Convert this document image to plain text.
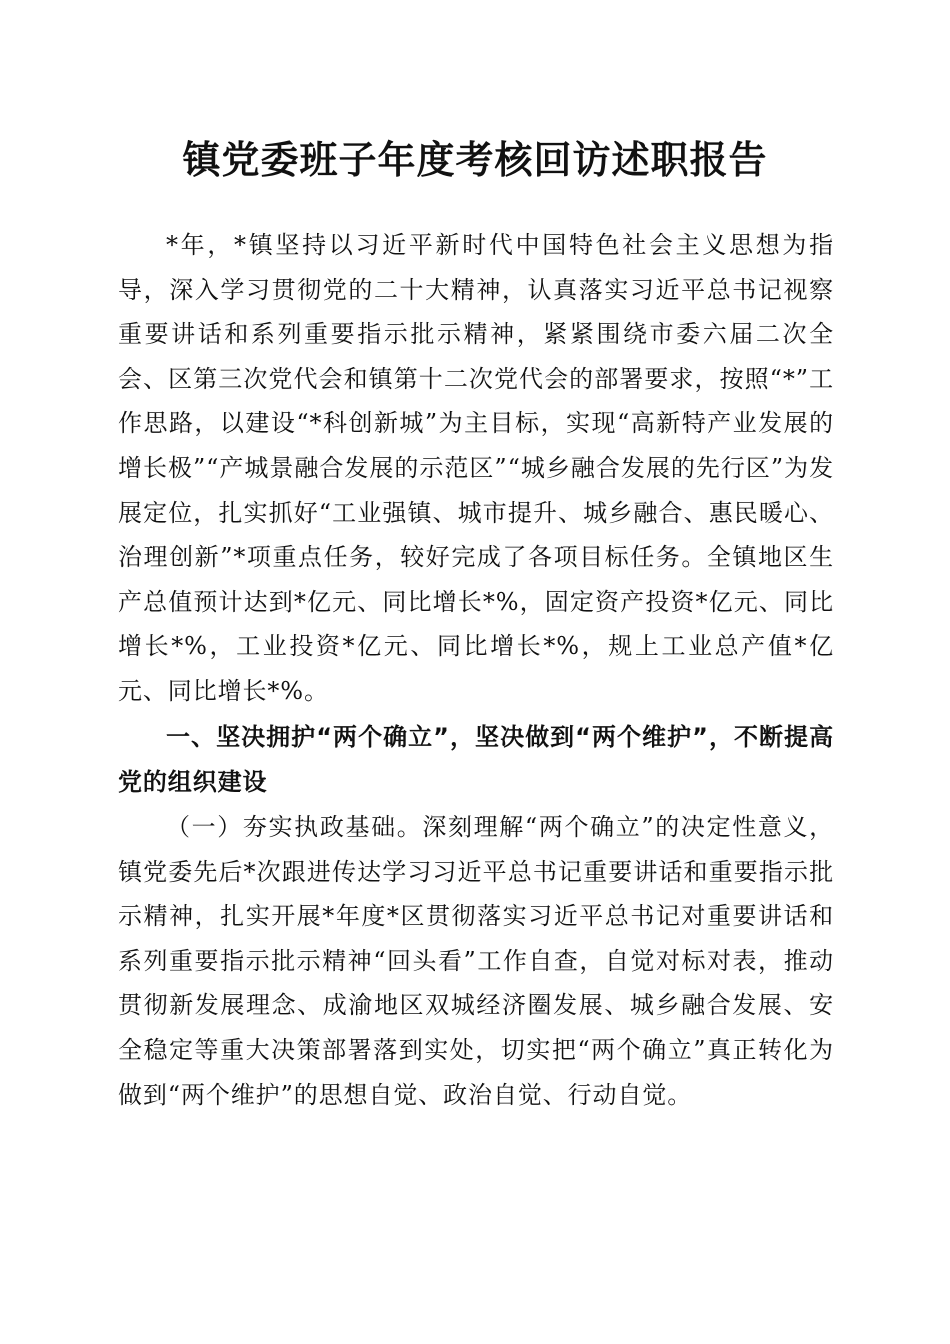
镇党委班子年度考核回访述职报告

*年，*镇坚持以习近平新时代中国特色社会主义思想为指导，深入学习贯彻党的二十大精神，认真落实习近平总书记视察重要讲话和系列重要指示批示精神，紧紧围绕市委六届二次全会、区第三次党代会和镇第十二次党代会的部署要求，按照“*”工作思路，以建设“*科创新城”为主目标，实现“高新特产业发展的增长极”“产城景融合发展的示范区”“城乡融合发展的先行区”为发展定位，扎实抓好“工业强镇、城市提升、城乡融合、惠民暖心、治理创新”*项重点任务，较好完成了各项目标任务。全镇地区生产总值预计达到*亿元、同比增长*%，固定资产投资*亿元、同比增长*%，工业投资*亿元、同比增长*%，规上工业总产值*亿元、同比增长*%。

一、坚决拥护“两个确立”，坚决做到“两个维护”，不断提高党的组织建设

（一）夯实执政基础。深刻理解“两个确立”的决定性意义，镇党委先后*次跟进传达学习习近平总书记重要讲话和重要指示批示精神，扎实开展*年度*区贯彻落实习近平总书记对重要讲话和系列重要指示批示精神“回头看”工作自查，自觉对标对表，推动贯彻新发展理念、成渝地区双城经济圈发展、城乡融合发展、安全稳定等重大决策部署落到实处，切实把“两个确立”真正转化为做到“两个维护”的思想自觉、政治自觉、行动自觉。
